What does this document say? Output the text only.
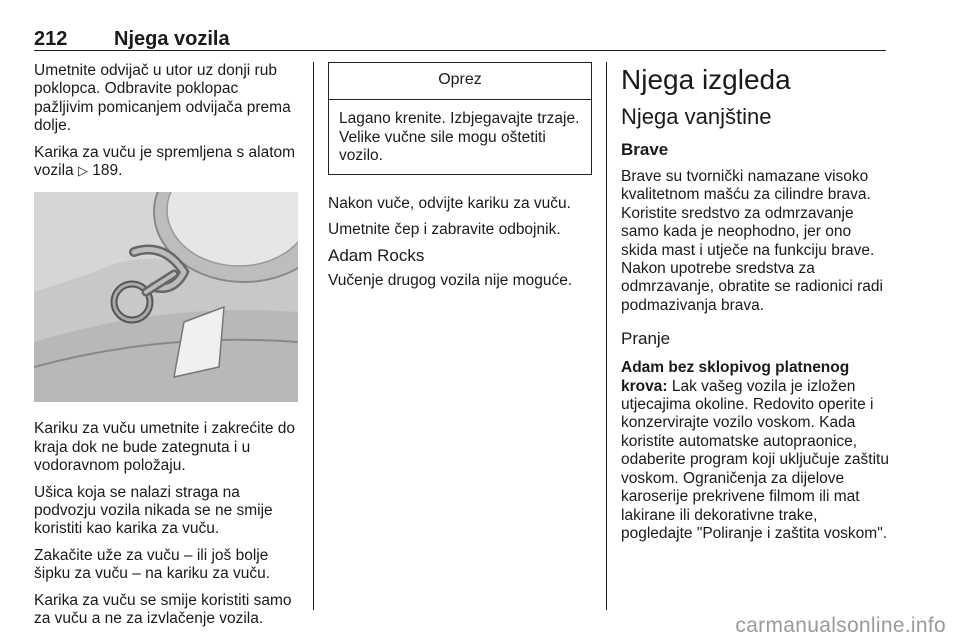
212 Njega vozila

Umetnite odvijač u utor uz donji rub poklopca. Odbravite poklopac pažljivim pomicanjem odvijača prema dolje.

Karika za vuču je spremljena s alatom vozila ▷ 189.

Kariku za vuču umetnite i zakrećite do kraja dok ne bude zategnuta i u vodoravnom položaju.

Ušica koja se nalazi straga na podvozju vozila nikada se ne smije koristiti kao karika za vuču.

Zakačite uže za vuču – ili još bolje šipku za vuču – na kariku za vuču.

Karika za vuču se smije koristiti samo za vuču a ne za izvlačenje vozila.

Oprez
Lagano krenite. Izbjegavajte trzaje. Velike vučne sile mogu oštetiti vozilo.

Nakon vuče, odvijte kariku za vuču.

Umetnite čep i zabravite odbojnik.

Adam Rocks

Vučenje drugog vozila nije moguće.

Njega izgleda
Njega vanjštine
Brave

Brave su tvornički namazane visoko kvalitetnom mašću za cilindre brava. Koristite sredstvo za odmrzavanje samo kada je neophodno, jer ono skida mast i utječe na funkciju brave. Nakon upotrebe sredstva za odmrzavanje, obratite se radionici radi podmazivanja brava.

Pranje

Adam bez sklopivog platnenog krova: Lak vašeg vozila je izložen utjecajima okoline. Redovito operite i konzervirajte vozilo voskom. Kada koristite automatske autopraonice, odaberite program koji uključuje zaštitu voskom. Ograničenja za dijelove karoserije prekrivene filmom ili mat lakirane ili dekorativne trake, pogledajte "Poliranje i zaštita voskom".

carmanualsonline.info
